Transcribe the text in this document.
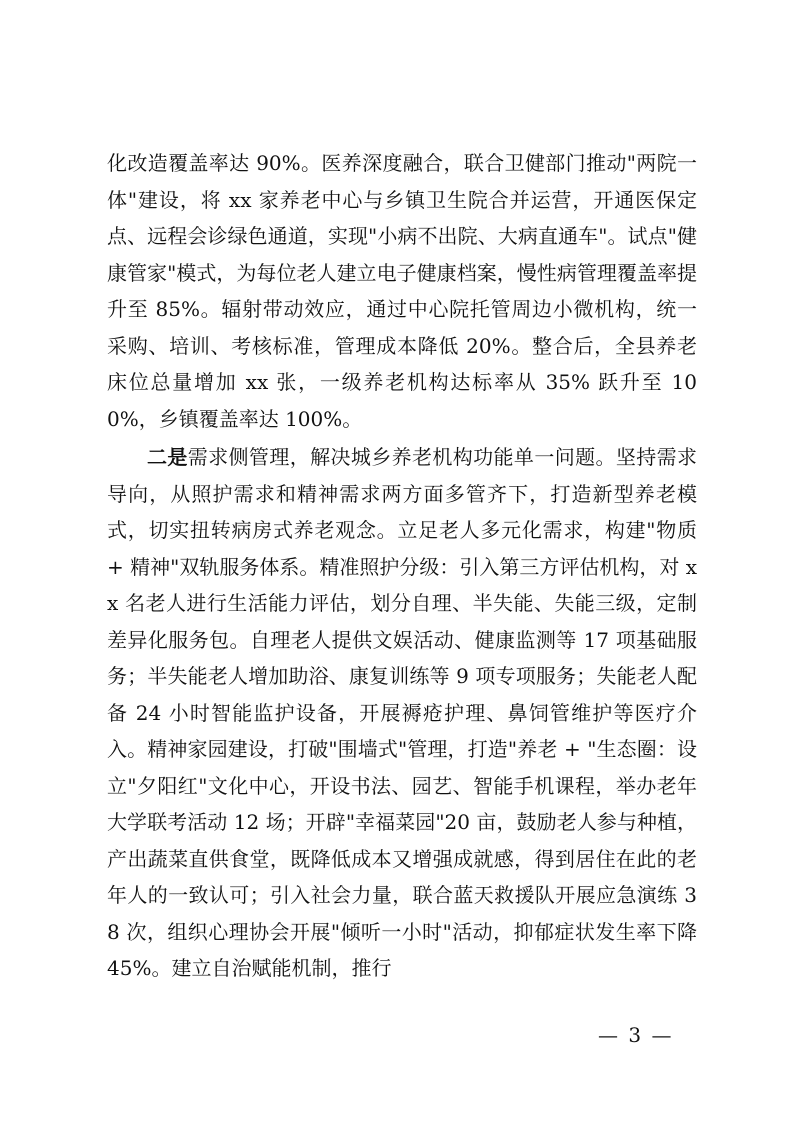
化改造覆盖率达 90%。医养深度融合，联合卫健部门推动"两院一体"建设，将 xx 家养老中心与乡镇卫生院合并运营，开通医保定点、远程会诊绿色通道，实现"小病不出院、大病直通车"。试点"健康管家"模式，为每位老人建立电子健康档案，慢性病管理覆盖率提升至 85%。辐射带动效应，通过中心院托管周边小微机构，统一采购、培训、考核标准，管理成本降低 20%。整合后，全县养老床位总量增加 xx 张，一级养老机构达标率从 35% 跃升至 100%，乡镇覆盖率达 100%。

二是需求侧管理，解决城乡养老机构功能单一问题。坚持需求导向，从照护需求和精神需求两方面多管齐下，打造新型养老模式，切实扭转病房式养老观念。立足老人多元化需求，构建"物质 + 精神"双轨服务体系。精准照护分级：引入第三方评估机构，对 xx 名老人进行生活能力评估，划分自理、半失能、失能三级，定制差异化服务包。自理老人提供文娱活动、健康监测等 17 项基础服务；半失能老人增加助浴、康复训练等 9 项专项服务；失能老人配备 24 小时智能监护设备，开展褥疮护理、鼻饲管维护等医疗介入。精神家园建设，打破"围墙式"管理，打造"养老 + "生态圈：设立"夕阳红"文化中心，开设书法、园艺、智能手机课程，举办老年大学联考活动 12 场；开辟"幸福菜园"20 亩，鼓励老人参与种植，产出蔬菜直供食堂，既降低成本又增强成就感，得到居住在此的老年人的一致认可；引入社会力量，联合蓝天救援队开展应急演练 38 次，组织心理协会开展"倾听一小时"活动，抑郁症状发生率下降 45%。建立自治赋能机制，推行

— 3 —
